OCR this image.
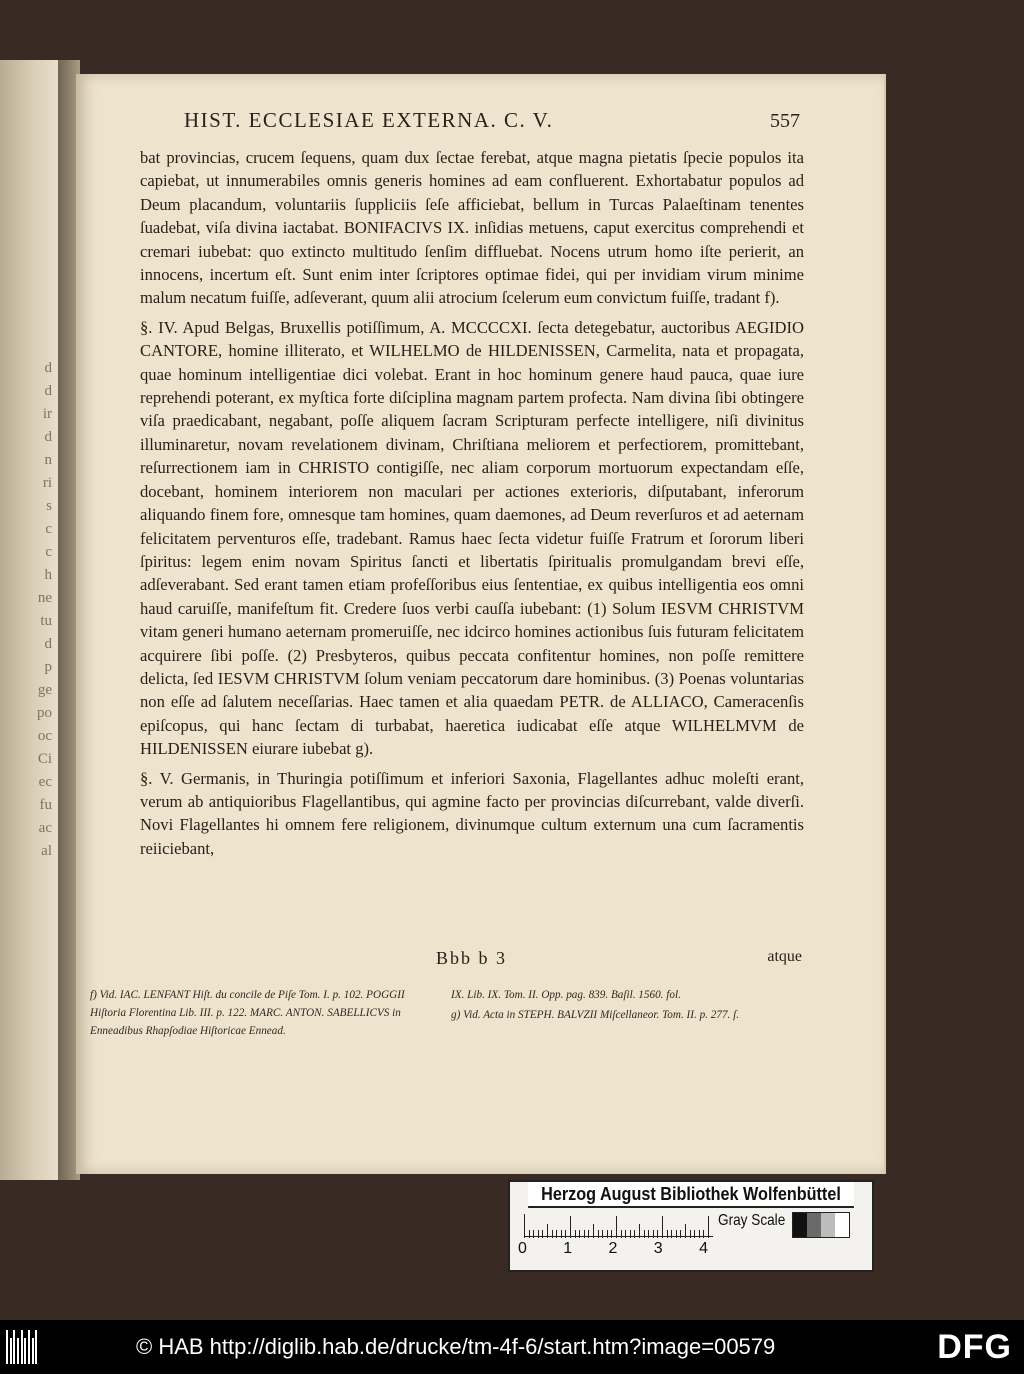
d
d
ir
d
n
ri
s
c
c
h
ne
tu
d
p
ge
po
oc
Ci
ec
fu
ac
al
HIST. ECCLESIAE EXTERNA. C. V.	557

bat provincias, crucem ſequens, quam dux ſectae ferebat, atque magna pietatis ſpecie populos ita capiebat, ut innumerabiles omnis generis homines ad eam confluerent. Exhortabatur populos ad Deum placandum, voluntariis ſuppliciis ſeſe afficiebat, bellum in Turcas Palaeſtinam tenentes ſuadebat, viſa divina iactabat. BONIFACIVS IX. inſidias metuens, caput exercitus comprehendi et cremari iubebat: quo extincto multitudo ſenſim diffluebat. Nocens utrum homo iſte perierit, an innocens, incertum eſt. Sunt enim inter ſcriptores optimae fidei, qui per invidiam virum minime malum necatum fuiſſe, adſeverant, quum alii atrocium ſcelerum eum convictum fuiſſe, tradant f).

§. IV. Apud Belgas, Bruxellis potiſſimum, A. MCCCCXI. ſecta detegebatur, auctoribus AEGIDIO CANTORE, homine illiterato, et WILHELMO de HILDENISSEN, Carmelita, nata et propagata, quae hominum intelligentiae dici volebat. Erant in hoc hominum genere haud pauca, quae iure reprehendi poterant, ex myſtica forte diſciplina magnam partem profecta. Nam divina ſibi obtingere viſa praedicabant, negabant, poſſe aliquem ſacram Scripturam perfecte intelligere, niſi divinitus illuminaretur, novam revelationem divinam, Chriſtiana meliorem et perfectiorem, promittebant, reſurrectionem iam in CHRISTO contigiſſe, nec aliam corporum mortuorum expectandam eſſe, docebant, hominem interiorem non maculari per actiones exterioris, diſputabant, inferorum aliquando finem fore, omnesque tam homines, quam daemones, ad Deum reverſuros et ad aeternam felicitatem perventuros eſſe, tradebant. Ramus haec ſecta videtur fuiſſe Fratrum et ſororum liberi ſpiritus: legem enim novam Spiritus ſancti et libertatis ſpiritualis promulgandam brevi eſſe, adſeverabant. Sed erant tamen etiam profeſſoribus eius ſententiae, ex quibus intelligentia eos omni haud caruiſſe, manifeſtum fit. Credere ſuos verbi cauſſa iubebant: (1) Solum IESVM CHRISTVM vitam generi humano aeternam promeruiſſe, nec idcirco homines actionibus ſuis futuram felicitatem acquirere ſibi poſſe. (2) Presbyteros, quibus peccata confitentur homines, non poſſe remittere delicta, ſed IESVM CHRISTVM ſolum veniam peccatorum dare hominibus. (3) Poenas voluntarias non eſſe ad ſalutem neceſſarias. Haec tamen et alia quaedam PETR. de ALLIACO, Cameracenſis epiſcopus, qui hanc ſectam di turbabat, haeretica iudicabat eſſe atque WILHELMVM de HILDENISSEN eiurare iubebat g).

§. V. Germanis, in Thuringia potiſſimum et inferiori Saxonia, Flagellantes adhuc moleſti erant, verum ab antiquioribus Flagellantibus, qui agmine facto per provincias diſcurrebant, valde diverſi. Novi Flagellantes hi omnem fere religionem, divinumque cultum externum una cum ſacramentis reiiciebant,

Bbb b 3	atque

f) Vid. IAC. LENFANT Hiſt. du concile de Piſe Tom. I. p. 102. POGGII Hiſtoria Florentina Lib. III. p. 122. MARC. ANTON. SABELLICVS in Enneadibus Rhapſodiae Hiſtoricae Ennead.

IX. Lib. IX. Tom. II. Opp. pag. 839. Baſil. 1560. fol.

g) Vid. Acta in STEPH. BALVZII Miſcellaneor. Tom. II. p. 277. ſ.

Herzog August Bibliothek Wolfenbüttel
0 1 2 3 4
Gray Scale
© HAB http://diglib.hab.de/drucke/tm-4f-6/start.htm?image=00579	DFG
